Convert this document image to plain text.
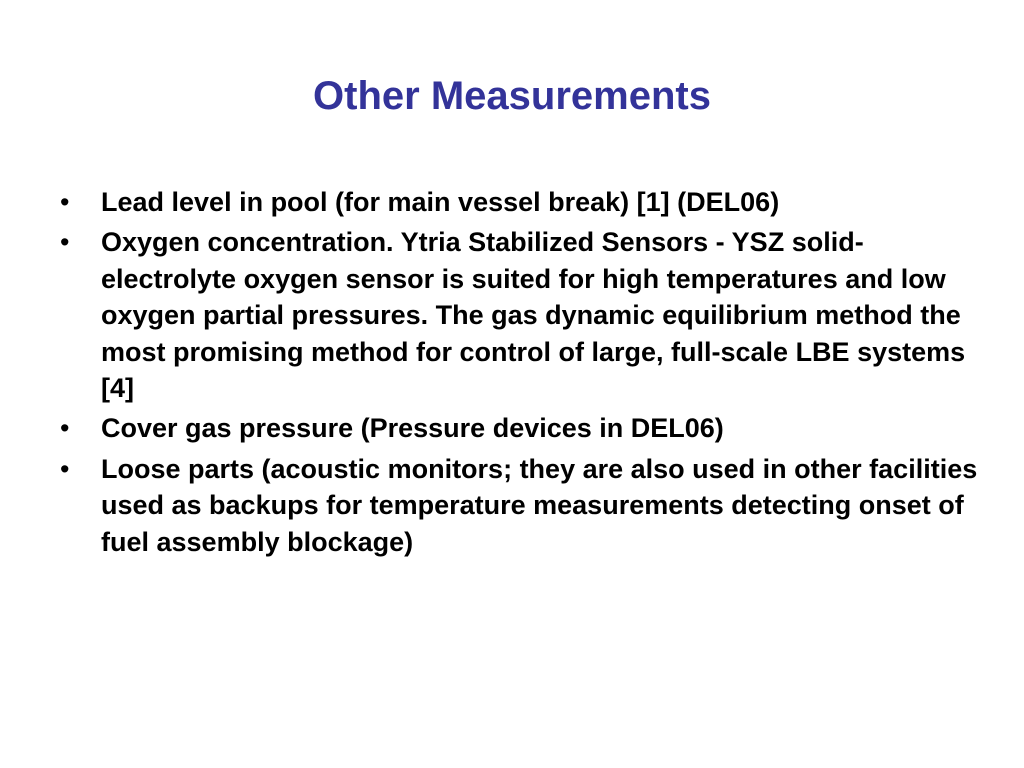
Other Measurements
• Lead level in pool (for main vessel break) [1] (DEL06)
• Oxygen concentration. Ytria Stabilized Sensors - YSZ solid-electrolyte oxygen sensor is suited for high temperatures and low oxygen partial pressures. The gas dynamic equilibrium method the most promising method for control of large, full-scale LBE systems [4]
• Cover gas pressure (Pressure devices in DEL06)
• Loose parts (acoustic monitors; they are also used in other facilities used as backups for temperature measurements detecting onset of fuel assembly blockage)
